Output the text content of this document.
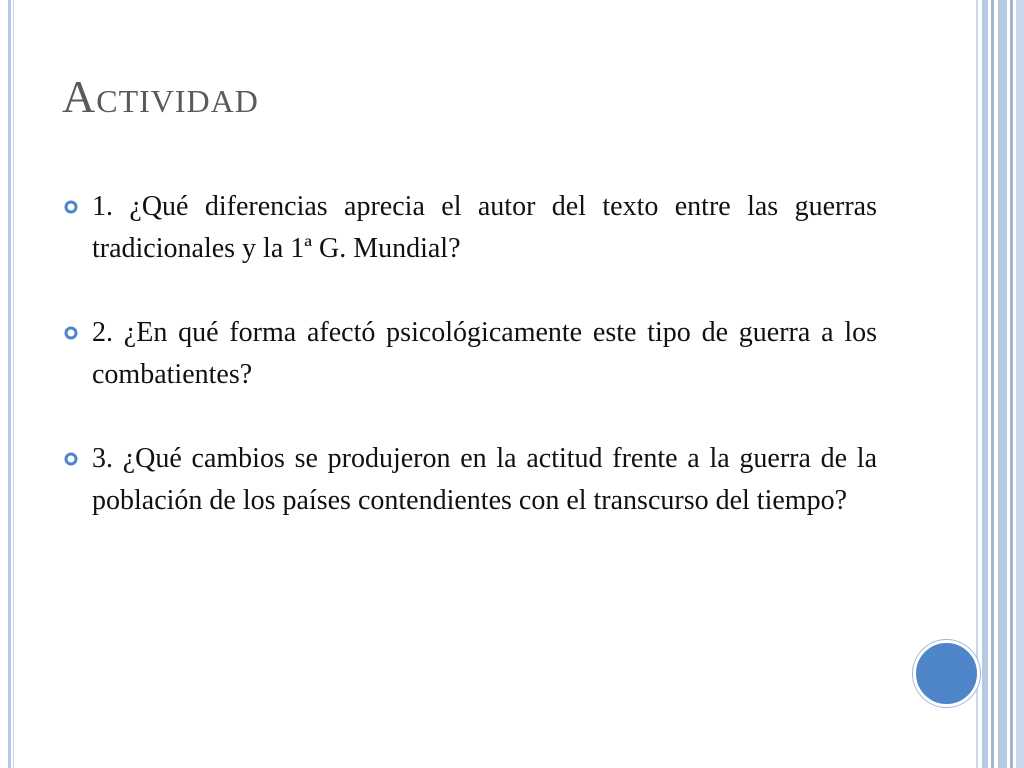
Actividad
1. ¿Qué diferencias aprecia el autor del texto entre las guerras tradicionales y la 1ª G. Mundial?
2. ¿En qué forma afectó psicológicamente este tipo de guerra a los combatientes?
3. ¿Qué cambios se produjeron en la actitud frente a la guerra de la población de los países contendientes con el transcurso del tiempo?
